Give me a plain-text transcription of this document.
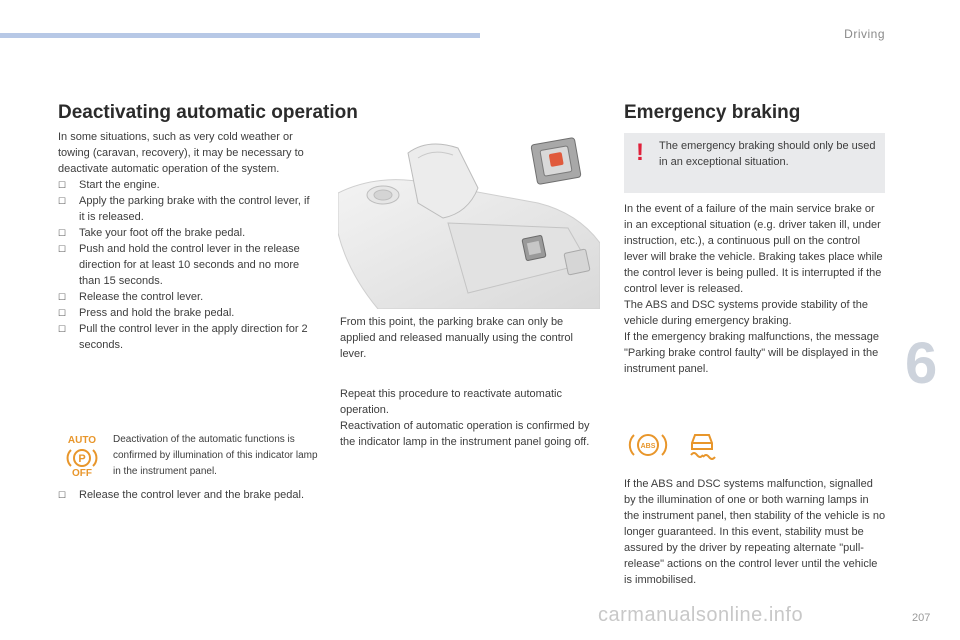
Driving
6
207
carmanualsonline.info
Deactivating automatic operation

In some situations, such as very cold weather or towing (caravan, recovery), it may be necessary to deactivate automatic operation of the system.

☐ Start the engine.
☐ Apply the parking brake with the control lever, if it is released.
☐ Take your foot off the brake pedal.
☐ Push and hold the control lever in the release direction for at least 10 seconds and no more than 15 seconds.
☐ Release the control lever.
☐ Press and hold the brake pedal.
☐ Pull the control lever in the apply direction for 2 seconds.
AUTO
P
OFF
Deactivation of the automatic functions is confirmed by illumination of this indicator lamp in the instrument panel.
☐ Release the control lever and the brake pedal.

From this point, the parking brake can only be applied and released manually using the control lever.

Repeat this procedure to reactivate automatic operation.

Reactivation of automatic operation is confirmed by the indicator lamp in the instrument panel going off.

Emergency braking
! The emergency braking should only be used in an exceptional situation.

In the event of a failure of the main service brake or in an exceptional situation (e.g. driver taken ill, under instruction, etc.), a continuous pull on the control lever will brake the vehicle. Braking takes place while the control lever is being pulled. It is interrupted if the control lever is released.

The ABS and DSC systems provide stability of the vehicle during emergency braking.

If the emergency braking malfunctions, the message "Parking brake control faulty" will be displayed in the instrument panel.

ABS

If the ABS and DSC systems malfunction, signalled by the illumination of one or both warning lamps in the instrument panel, then stability of the vehicle is no longer guaranteed. In this event, stability must be assured by the driver by repeating alternate "pull-release" actions on the control lever until the vehicle is immobilised.
